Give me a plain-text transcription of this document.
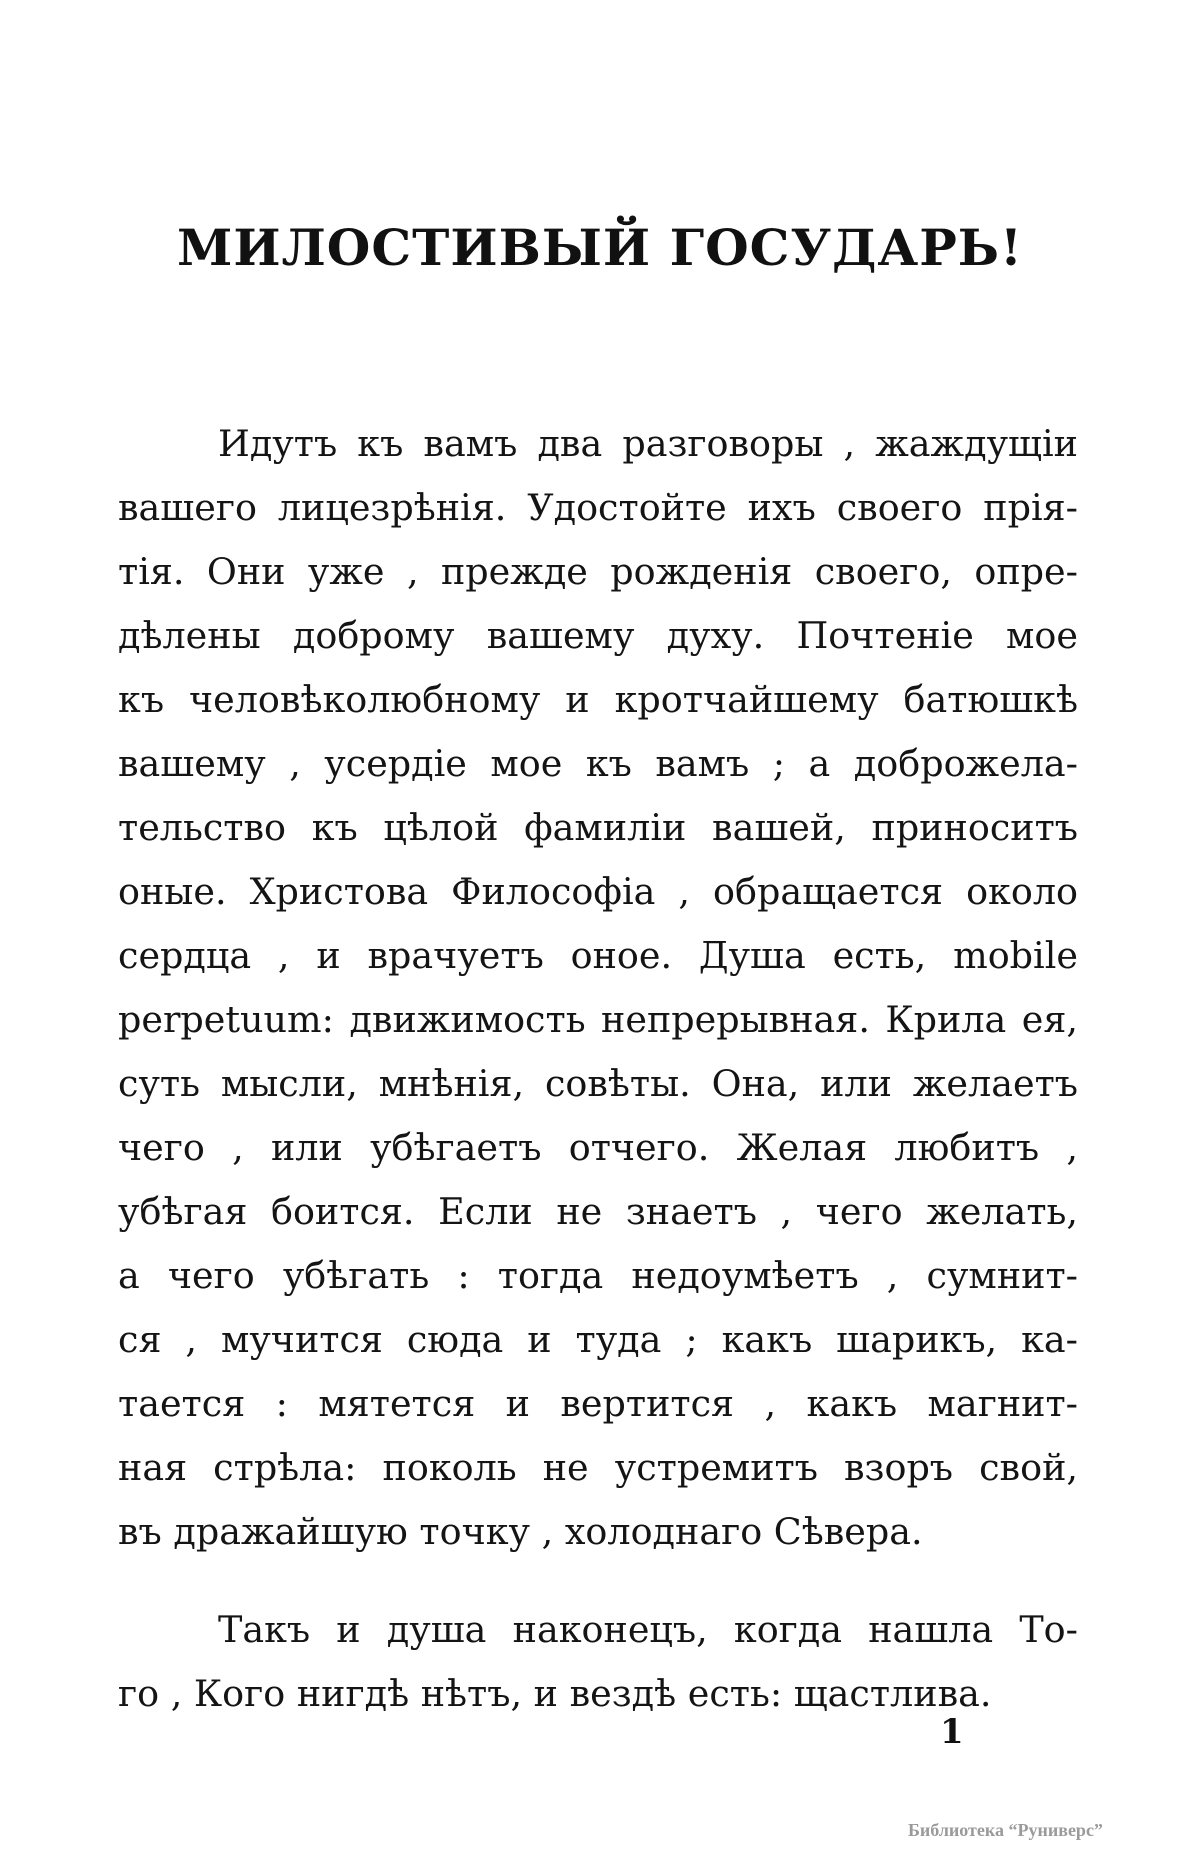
МИЛОСТИВЫЙ ГОСУДАРЬ!
Идутъ къ вамъ два разговоры , жаждущiи
вашего лицезрѣнiя. Удостойте ихъ своего прiя-
тiя. Они уже , прежде рожденiя своего, опре-
дѣлены доброму вашему духу. Почтенiе мое
къ человѣколюбному и кротчайшему батюшкѣ
вашему , усердiе мое къ вамъ ; а доброжела-
тельство къ цѣлой фамилiи вашей, приноситъ
оные. Христова Философiа , обращается около
сердца , и врачуетъ оное. Душа есть, mobile
perpetuum: движимость непрерывная. Крила ея,
суть мысли, мнѣнiя, совѣты. Она, или желаетъ
чего , или убѣгаетъ отчего. Желая любитъ ,
убѣгая боится. Если не знаетъ , чего желать,
а чего убѣгать : тогда недоумѣетъ , сумнит-
ся , мучится сюда и туда ; какъ шарикъ, ка-
тается : мятется и вертится , какъ магнит-
ная стрѣла: поколь не устремитъ взоръ свой,
въ дражайшую точку , холоднаго Сѣвера.
Такъ и душа наконецъ, когда нашла То-
го , Кого нигдѣ нѣтъ, и вездѣ есть: щастлива.
1
Библиотека “Руниверс”
